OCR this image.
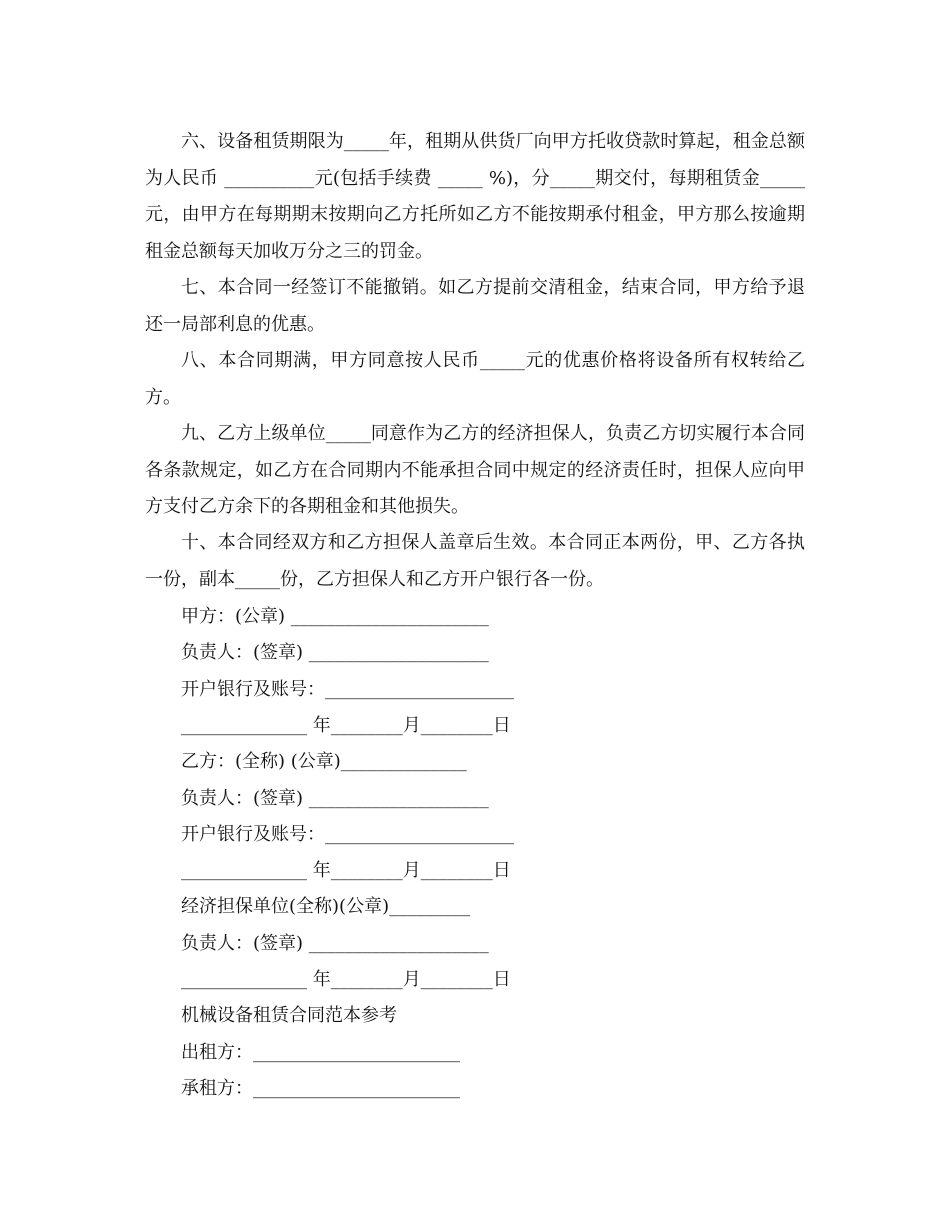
六、设备租赁期限为_____年，租期从供货厂向甲方托收贷款时算起，租金总额为人民币 __________元(包括手续费 _____ %)，分_____期交付，每期租赁金_____元，由甲方在每期期末按期向乙方托所如乙方不能按期承付租金，甲方那么按逾期租金总额每天加收万分之三的罚金。

七、本合同一经签订不能撤销。如乙方提前交清租金，结束合同，甲方给予退还一局部利息的优惠。

八、本合同期满，甲方同意按人民币_____元的优惠价格将设备所有权转给乙方。

九、乙方上级单位_____同意作为乙方的经济担保人，负责乙方切实履行本合同各条款规定，如乙方在合同期内不能承担合同中规定的经济责任时，担保人应向甲方支付乙方余下的各期租金和其他损失。

十、本合同经双方和乙方担保人盖章后生效。本合同正本两份，甲、乙方各执一份，副本_____份，乙方担保人和乙方开户银行各一份。

甲方：(公章) ______________________

负责人：(签章) ____________________

开户银行及账号：_____________________

______________ 年________月________日

乙方：(全称) (公章)______________

负责人：(签章) ____________________

开户银行及账号：_____________________

______________ 年________月________日

经济担保单位(全称)(公章)_________

负责人：(签章) ____________________

______________ 年________月________日

机械设备租赁合同范本参考

出租方：_______________________

承租方：_______________________
